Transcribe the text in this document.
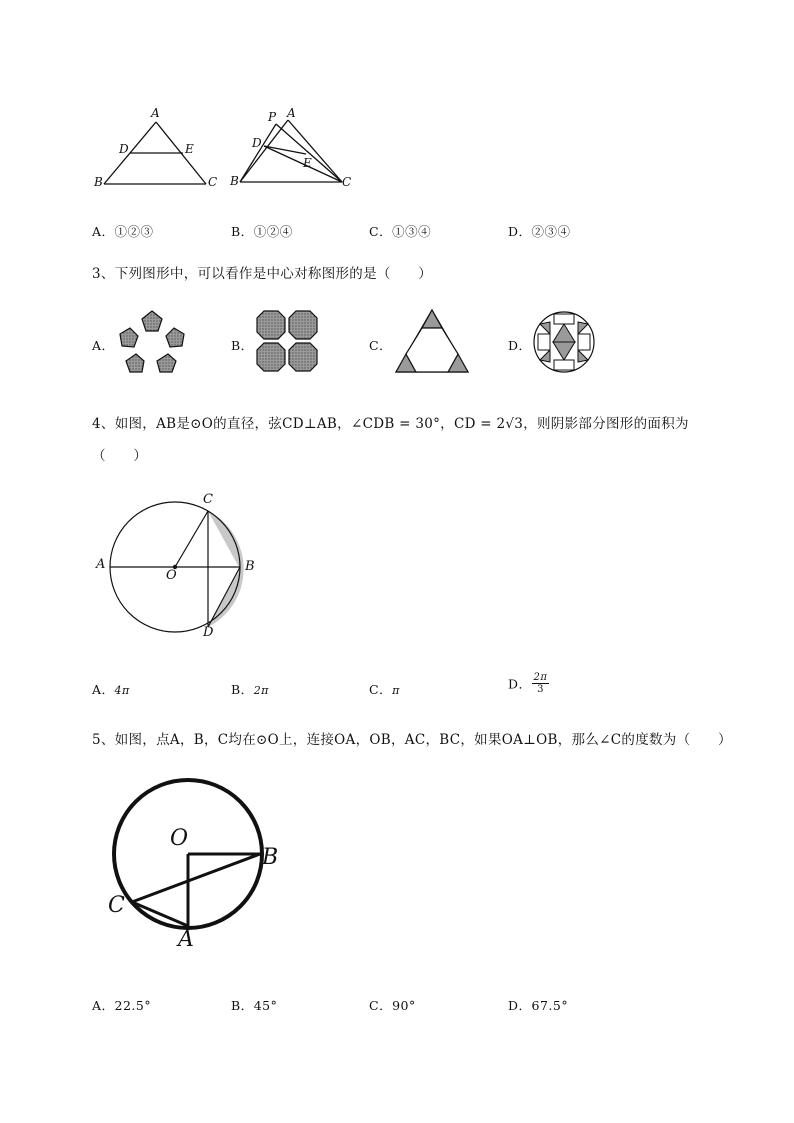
A
D	E
B	C
P A
D
E
B	C
A．①②③	B．①②④	C．①③④	D．②③④
3、下列图形中，可以看作是中心对称图形的是（　　）
A．	B．	C．	D．
4、如图，AB是⊙O的直径，弦CD⊥AB，∠CDB = 30°，CD = 2√3，则阴影部分图形的面积为
（　　）
C
A
O
B
D
A．4π	B．2π	C．π	D． $\frac{2\pi}{3}$
5、如图，点A，B，C均在⊙O上，连接OA，OB，AC，BC，如果OA⊥OB，那么∠C的度数为（　　）
O
B
C
A
A．22.5°	B．45°	C．90°	D．67.5°
